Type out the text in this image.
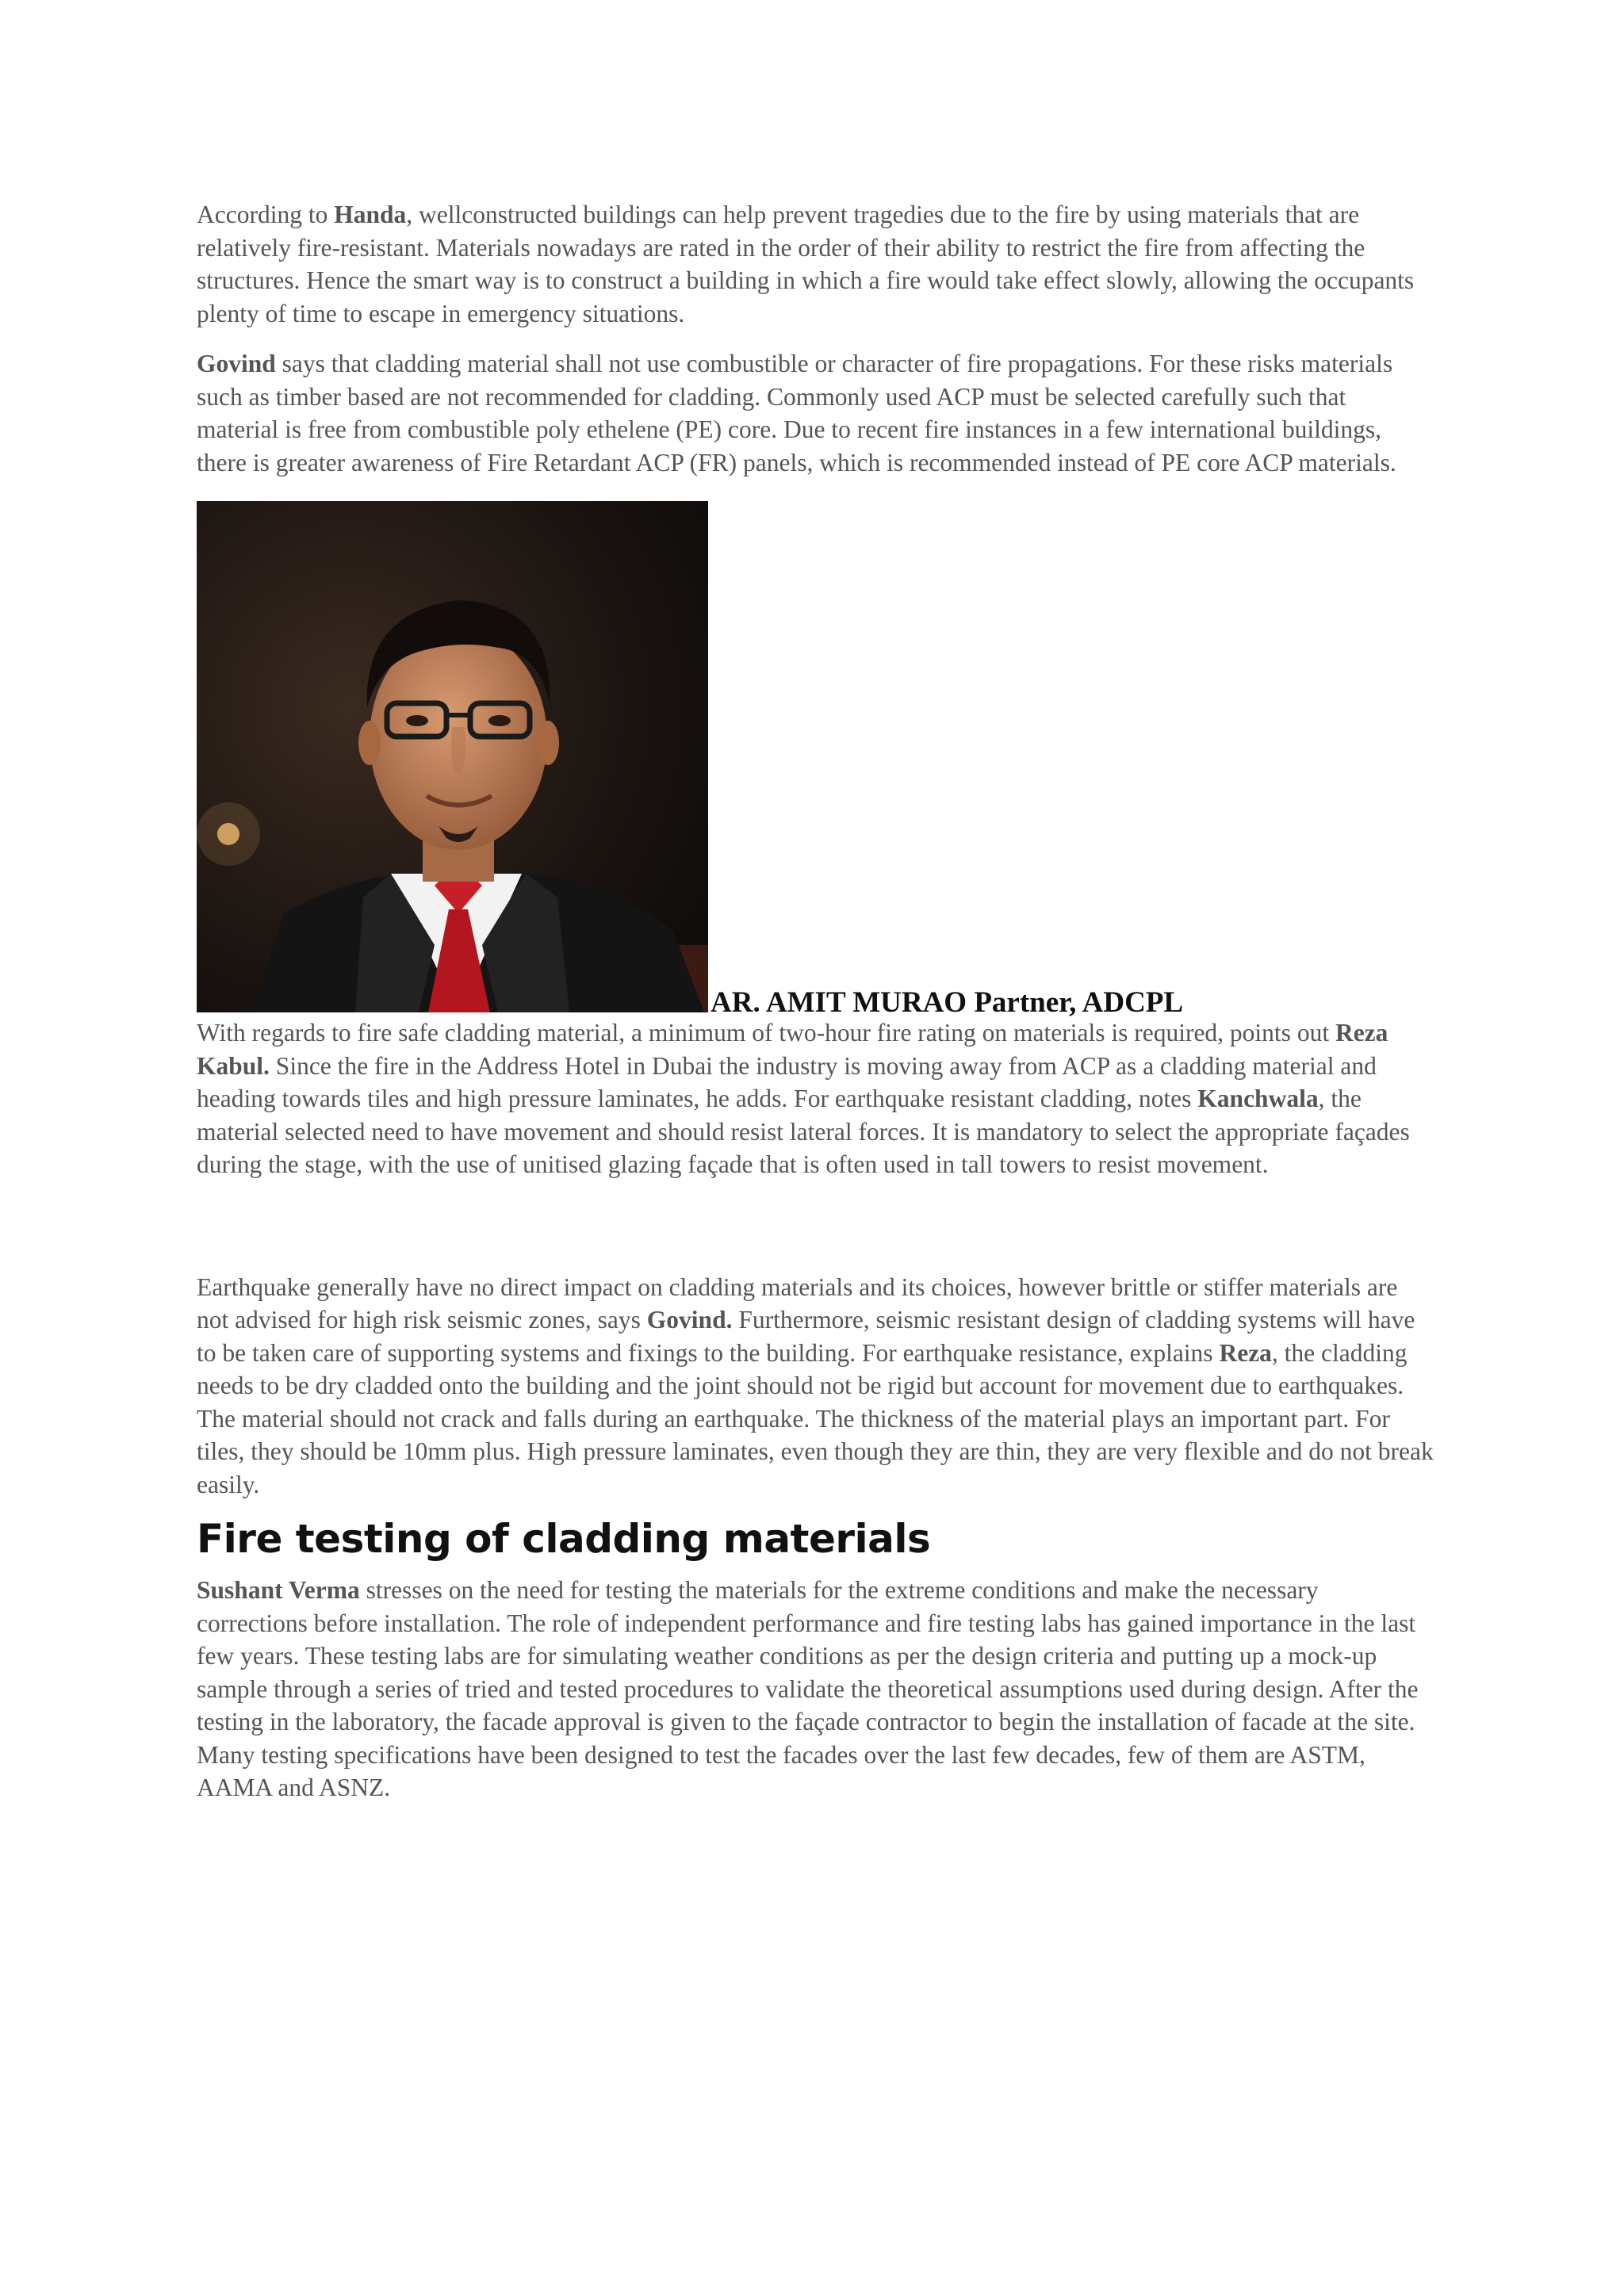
According to Handa, wellconstructed buildings can help prevent tragedies due to the fire by using materials that are relatively fire-resistant. Materials nowadays are rated in the order of their ability to restrict the fire from affecting the structures. Hence the smart way is to construct a building in which a fire would take effect slowly, allowing the occupants plenty of time to escape in emergency situations.

Govind says that cladding material shall not use combustible or character of fire propagations. For these risks materials such as timber based are not recommended for cladding. Commonly used ACP must be selected carefully such that material is free from combustible poly ethelene (PE) core. Due to recent fire instances in a few international buildings, there is greater awareness of Fire Retardant ACP (FR) panels, which is recommended instead of PE core ACP materials.

AR. AMIT MURAO Partner, ADCPL

With regards to fire safe cladding material, a minimum of two-hour fire rating on materials is required, points out Reza Kabul. Since the fire in the Address Hotel in Dubai the industry is moving away from ACP as a cladding material and heading towards tiles and high pressure laminates, he adds. For earthquake resistant cladding, notes Kanchwala, the material selected need to have movement and should resist lateral forces. It is mandatory to select the appropriate façades during the stage, with the use of unitised glazing façade that is often used in tall towers to resist movement.

Earthquake generally have no direct impact on cladding materials and its choices, however brittle or stiffer materials are not advised for high risk seismic zones, says Govind. Furthermore, seismic resistant design of cladding systems will have to be taken care of supporting systems and fixings to the building. For earthquake resistance, explains Reza, the cladding needs to be dry cladded onto the building and the joint should not be rigid but account for movement due to earthquakes. The material should not crack and falls during an earthquake. The thickness of the material plays an important part. For tiles, they should be 10mm plus. High pressure laminates, even though they are thin, they are very flexible and do not break easily.

Fire testing of cladding materials

Sushant Verma stresses on the need for testing the materials for the extreme conditions and make the necessary corrections before installation. The role of independent performance and fire testing labs has gained importance in the last few years. These testing labs are for simulating weather conditions as per the design criteria and putting up a mock-up sample through a series of tried and tested procedures to validate the theoretical assumptions used during design. After the testing in the laboratory, the facade approval is given to the façade contractor to begin the installation of facade at the site. Many testing specifications have been designed to test the facades over the last few decades, few of them are ASTM, AAMA and ASNZ.
